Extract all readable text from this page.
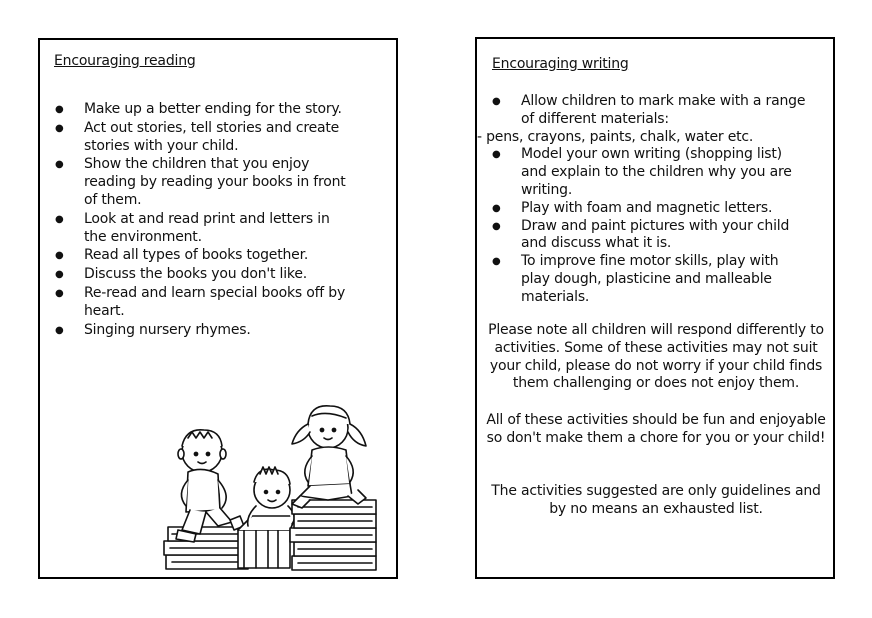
Encouraging reading
● Make up a better ending for the story.
● Act out stories, tell stories and create stories with your child.
● Show the children that you enjoy reading by reading your books in front of them.
● Look at and read print and letters in the environment.
● Read all types of books together.
● Discuss the books you don't like.
● Re-read and learn special books off by heart.
● Singing nursery rhymes.
Encouraging writing
● Allow children to mark make with a range of different materials:
- pens, crayons, paints, chalk, water etc.
● Model your own writing (shopping list) and explain to the children why you are writing.
● Play with foam and magnetic letters.
● Draw and paint pictures with your child and discuss what it is.
● To improve fine motor skills, play with play dough, plasticine and malleable materials.
Please note all children will respond differently to activities. Some of these activities may not suit your child, please do not worry if your child finds them challenging or does not enjoy them.
All of these activities should be fun and enjoyable so don't make them a chore for you or your child!
The activities suggested are only guidelines and by no means an exhausted list.
